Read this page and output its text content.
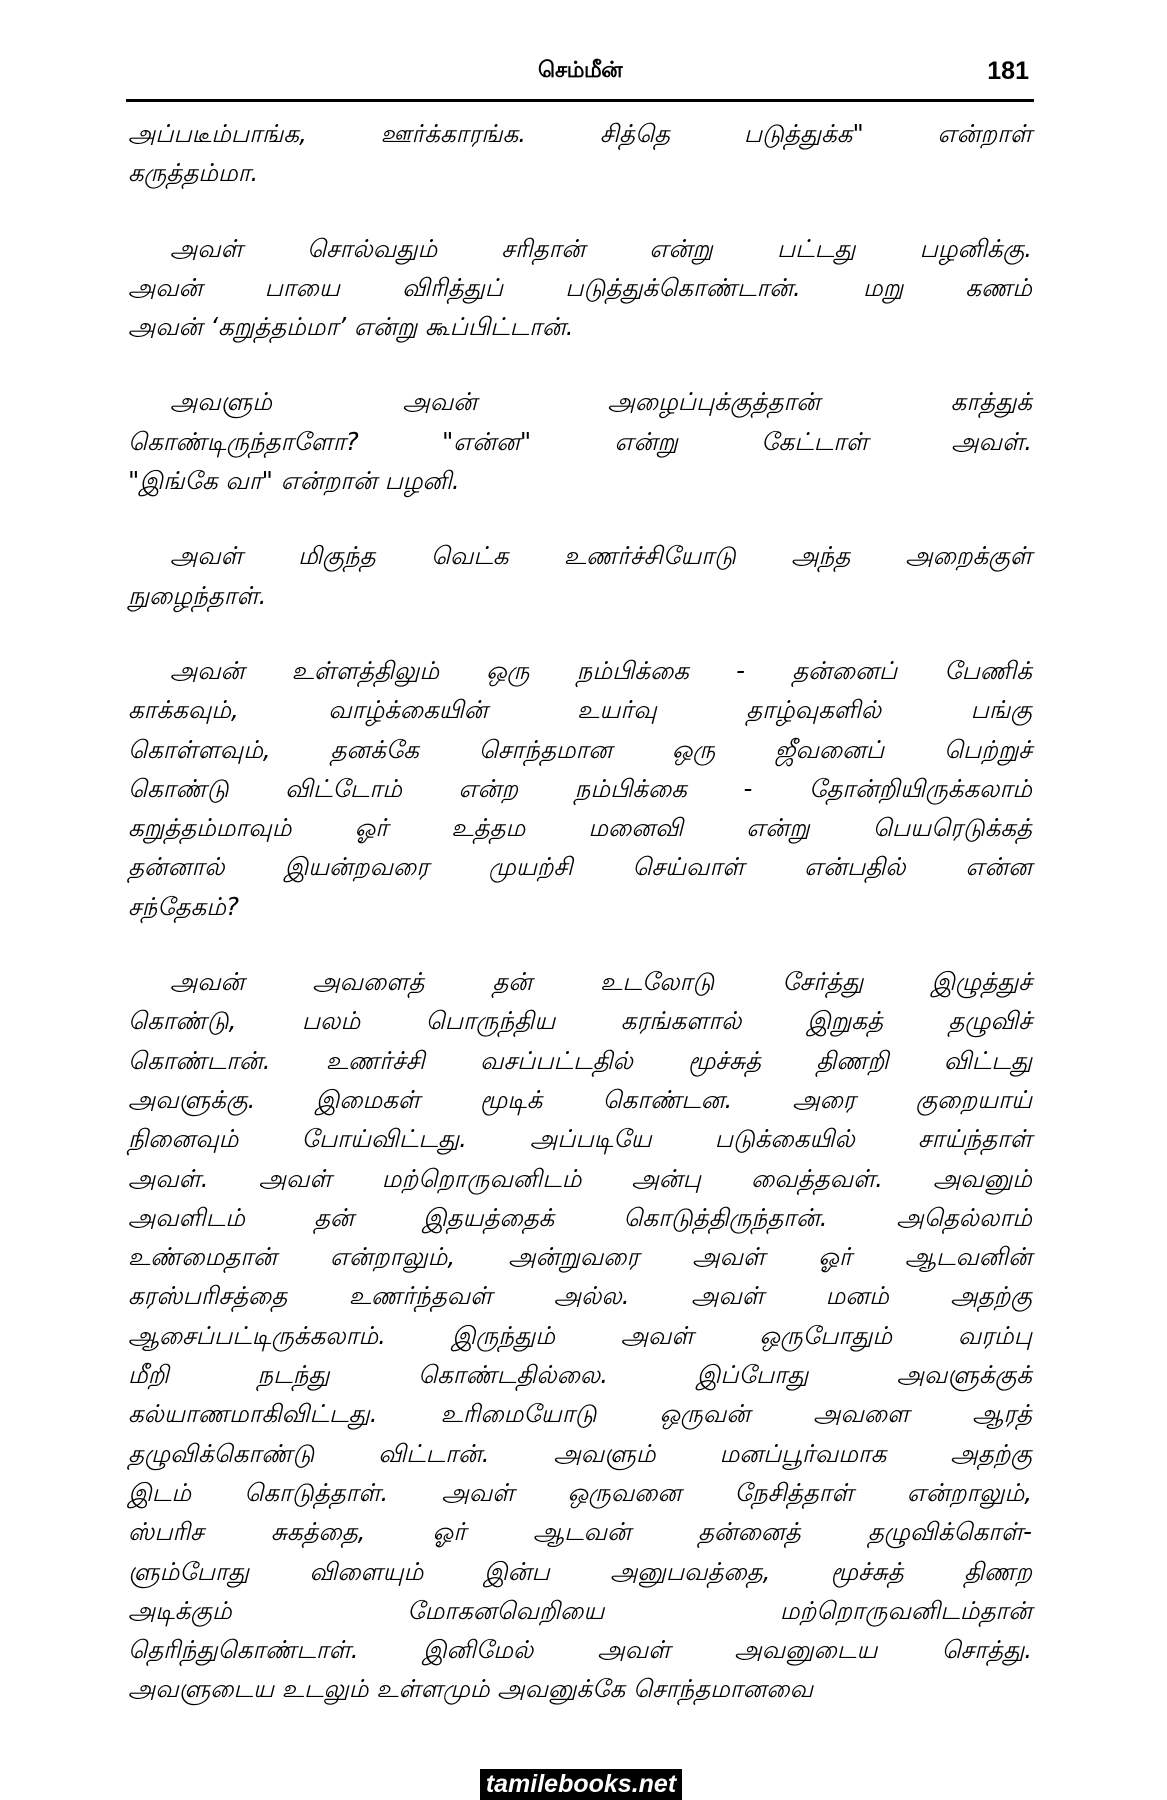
செம்மீன்	181
அப்படீம்பாங்க, ஊர்க்காரங்க. சித்தெ படுத்துக்க" என்றாள்
கருத்தம்மா.
அவள் சொல்வதும் சரிதான் என்று பட்டது பழனிக்கு.
அவன் பாயை விரித்துப் படுத்துக்கொண்டான். மறு கணம்
அவன் ‘கறுத்தம்மா’ என்று கூப்பிட்டான்.
அவளும் அவன் அழைப்புக்குத்தான் காத்துக்
கொண்டிருந்தாளோ? "என்ன" என்று கேட்டாள் அவள்.
"இங்கே வா" என்றான் பழனி.
அவள் மிகுந்த வெட்க உணர்ச்சியோடு அந்த அறைக்குள்
நுழைந்தாள்.
அவன் உள்ளத்திலும் ஒரு நம்பிக்கை - தன்னைப் பேணிக்
காக்கவும், வாழ்க்கையின் உயர்வு தாழ்வுகளில் பங்கு
கொள்ளவும், தனக்கே சொந்தமான ஒரு ஜீவனைப் பெற்றுச்
கொண்டு விட்டோம் என்ற நம்பிக்கை - தோன்றியிருக்கலாம்
கறுத்தம்மாவும் ஓர் உத்தம மனைவி என்று பெயரெடுக்கத்
தன்னால் இயன்றவரை முயற்சி செய்வாள் என்பதில் என்ன
சந்தேகம்?
அவன் அவளைத் தன் உடலோடு சேர்த்து இழுத்துச்
கொண்டு, பலம் பொருந்திய கரங்களால் இறுகத் தழுவிச்
கொண்டான். உணர்ச்சி வசப்பட்டதில் மூச்சுத் திணறி விட்டது
அவளுக்கு. இமைகள் மூடிக் கொண்டன. அரை குறையாய்
நினைவும் போய்விட்டது. அப்படியே படுக்கையில் சாய்ந்தாள்
அவள். அவள் மற்றொருவனிடம் அன்பு வைத்தவள். அவனும்
அவளிடம் தன் இதயத்தைக் கொடுத்திருந்தான். அதெல்லாம்
உண்மைதான் என்றாலும், அன்றுவரை அவள் ஓர் ஆடவனின்
கரஸ்பரிசத்தை உணர்ந்தவள் அல்ல. அவள் மனம் அதற்கு
ஆசைப்பட்டிருக்கலாம். இருந்தும் அவள் ஒருபோதும் வரம்பு
மீறி நடந்து கொண்டதில்லை. இப்போது அவளுக்குக்
கல்யாணமாகிவிட்டது. உரிமையோடு ஒருவன் அவளை ஆரத்
தழுவிக்கொண்டு விட்டான். அவளும் மனப்பூர்வமாக அதற்கு
இடம் கொடுத்தாள். அவள் ஒருவனை நேசித்தாள் என்றாலும்,
ஸ்பரிச சுகத்தை, ஓர் ஆடவன் தன்னைத் தழுவிக்கொள்-
ளும்போது விளையும் இன்ப அனுபவத்தை, மூச்சுத் திணற
அடிக்கும் மோகனவெறியை மற்றொருவனிடம்தான்
தெரிந்துகொண்டாள். இனிமேல் அவள் அவனுடைய சொத்து.
அவளுடைய உடலும் உள்ளமும் அவனுக்கே சொந்தமானவை
tamilebooks.net
